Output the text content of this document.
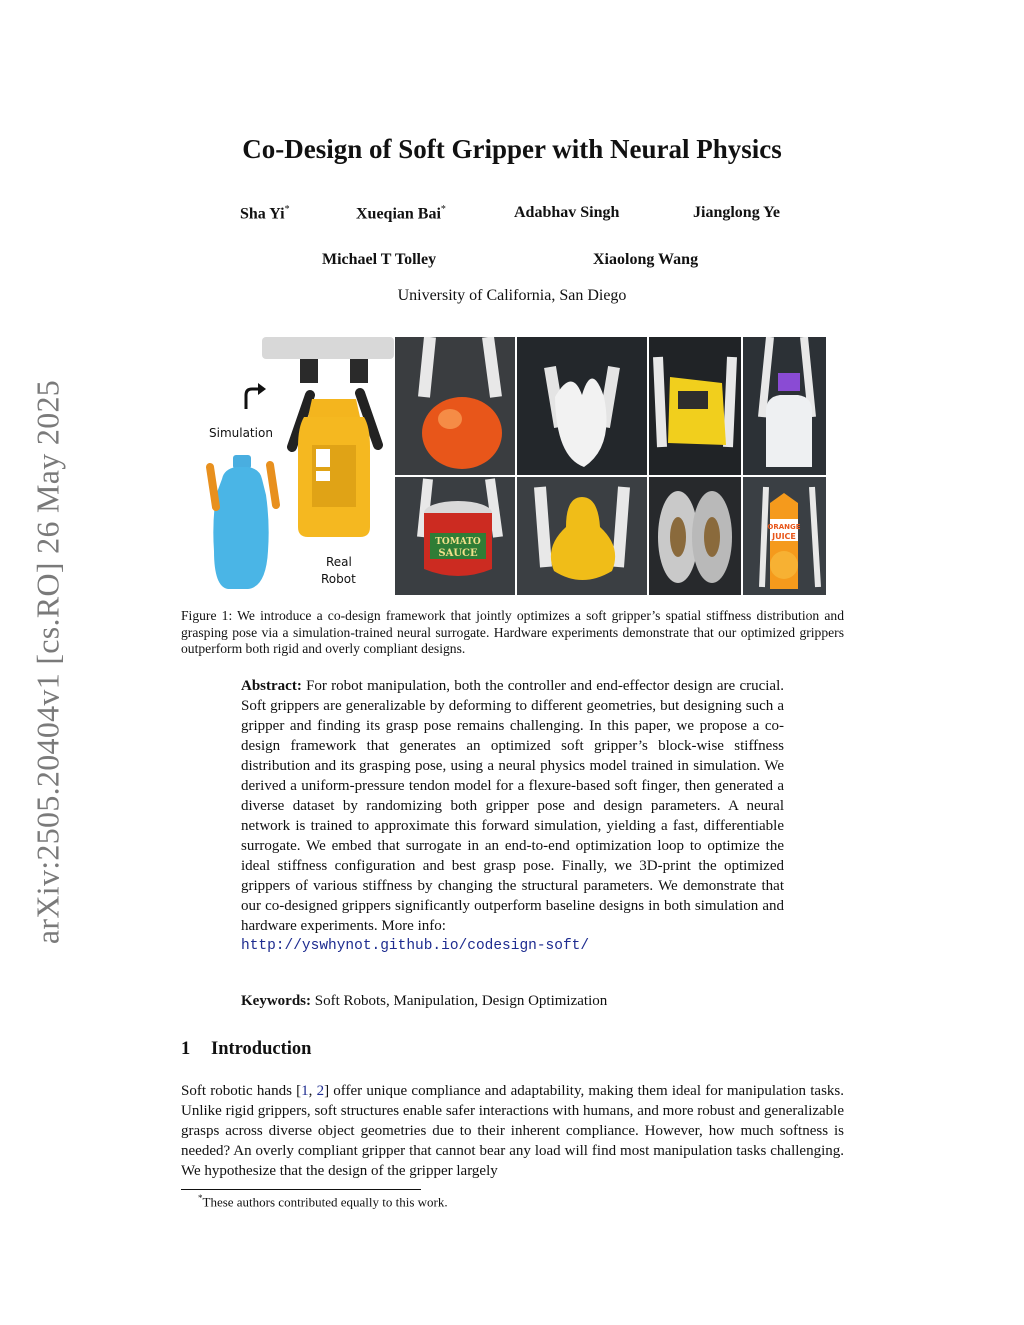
arXiv:2505.20404v1 [cs.RO] 26 May 2025
Co-Design of Soft Gripper with Neural Physics
Sha Yi*	Xueqian Bai*	Adabhav Singh	Jianglong Ye
Michael T Tolley	Xiaolong Wang
University of California, San Diego
Simulation
Real
Robot
TOMATO
SAUCE
ORANGE
JUICE
Figure 1: We introduce a co-design framework that jointly optimizes a soft gripper’s spatial stiffness distribution and grasping pose via a simulation-trained neural surrogate. Hardware experiments demonstrate that our optimized grippers outperform both rigid and overly compliant designs.
Abstract: For robot manipulation, both the controller and end-effector design are crucial. Soft grippers are generalizable by deforming to different geometries, but designing such a gripper and finding its grasp pose remains challenging. In this paper, we propose a co-design framework that generates an optimized soft gripper’s block-wise stiffness distribution and its grasping pose, using a neural physics model trained in simulation. We derived a uniform-pressure tendon model for a flexure-based soft finger, then generated a diverse dataset by randomizing both gripper pose and design parameters. A neural network is trained to approximate this forward simulation, yielding a fast, differentiable surrogate. We embed that surrogate in an end-to-end optimization loop to optimize the ideal stiffness configuration and best grasp pose. Finally, we 3D-print the optimized grippers of various stiffness by changing the structural parameters. We demonstrate that our co-designed grippers significantly outperform baseline designs in both simulation and hardware experiments. More info:
http://yswhynot.github.io/codesign-soft/
Keywords: Soft Robots, Manipulation, Design Optimization
1 Introduction
Soft robotic hands [1, 2] offer unique compliance and adaptability, making them ideal for manipulation tasks. Unlike rigid grippers, soft structures enable safer interactions with humans, and more robust and generalizable grasps across diverse object geometries due to their inherent compliance. However, how much softness is needed? An overly compliant gripper that cannot bear any load will find most manipulation tasks challenging. We hypothesize that the design of the gripper largely
*These authors contributed equally to this work.
